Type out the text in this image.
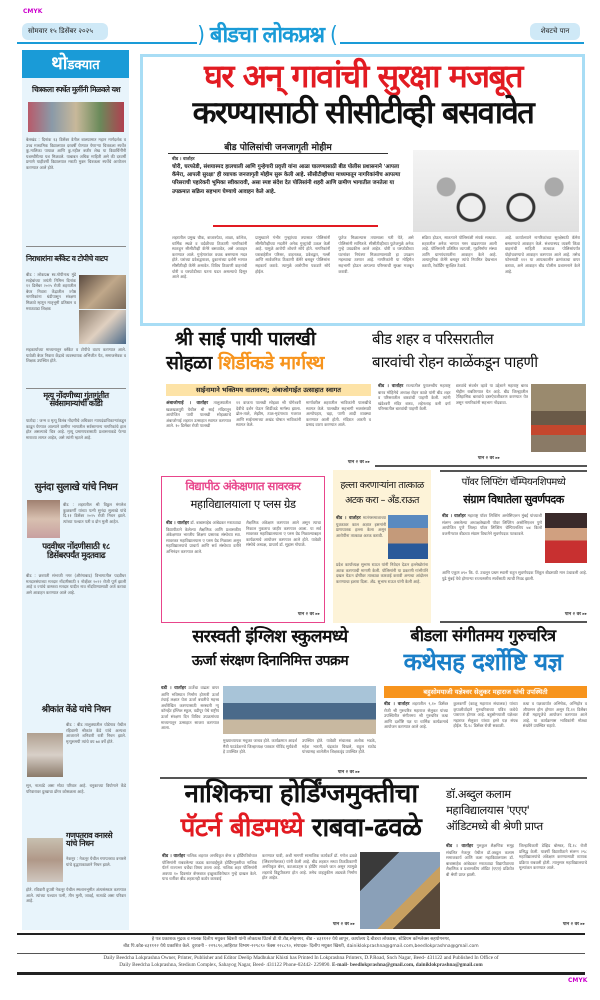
CMYK
सोमवार १५ डिसेंबर २०२५	) बीडचा लोकप्रश्न (	शेवटचे पान
थोडक्यात
चित्रकला स्पर्धेत मुलींनी मिळवले यश
बेलखंड : दिनांक १३ डिसेंबर वेतील बालग्रामात महान मार्गदर्शक व उच्च माध्यमिक विद्यालयात दरवर्षी घेण्यात येणाऱ्या चित्रकला स्पर्धेत कु.मालिका पायाळ आणि कु.नहील बजीर शेख या विद्यार्थिनींनी यशस्वीरीत्या यश मिळवले. याबाबत अधिक माहिती असे की दरवर्षी प्रमाणे याहीवर्षी विद्यालयात मराठी मुक्त चित्रकला स्पर्धेचे आयोजन करण्यात आले होते.
निराधारांना ब्लँकेट व टोपीचे वाटप
बीड : लोकप्रश्न स्व.गोपीनाथ मुंडे साहेबांच्या जयंती निमित्त दिनांक १२ डिसेंबर २०२५ रोजी शहरातील बेघर निवारा केंद्रातील ज्येष्ठ नागरिकांना थंडीपासून संरक्षण मिळावे म्हणून मातृभूमी प्रतिष्ठान व मराठवाडा शिक्षक
सहकार्याच्या माध्यमातून ब्लँकेट व टोपीचे वाटप करण्यात आले. यावेळी बेघर निवारा केंद्राचे व्यवस्थापक अभिजीत पेठ, समाजसेवक व शिक्षक उपस्थित होते.
मृत्यू नोंदणीच्या गुंतागुंतीत सर्वसामान्यांची कोंडी
पाटोदा : जन्म व मृत्यू विलंब नोंदणीचे अधिकार न्यायदंडाधिकाऱ्यांकडून काढून घेण्यात आल्याने ग्रामीण भागातील सर्वसामान्य नागरिकांचे हाल होत असल्याचे चित्र आहे. मृत्यू प्रमाणपत्रासाठी प्रशासनाकडे फेऱ्या माराव्या लागत आहेत, असे त्यांनी म्हटले आहे.
सुनंदा सुलाखे यांचे निधन
बीड : शहरातील श्री विठ्ठल मंगलेश कुळकर्णी यांच्या पत्नी सुनंदा सुलाखे यांचे दि.११ डिसेंबर २०२५ रोजी निधन झाले. त्यांच्या पश्चात पती व दोन मुली आहेत.
पदवीधर नोंदणीसाठी १८ डिसेंबरपर्यंत मुदतवाढ
बीड : छत्रपती संभाजी नगर (औरंगाबाद) विभागातील पदवीधर मतदारसंघाच्या मतदार नोंदणीसाठी १ नोव्हेंबर २०२२ रोजी पूर्ण झाली आहे व ज्यांचे वास्तव्य मतदार यादीत नाव नोंदविण्यासाठी अर्ज करावा असे आवाहन करण्यात आले आहे.
श्रीकांत केंडे यांचे निधन
बीड : बीड तालुक्यातील घोडेगाव येथील रहिवासी श्रीकांत केंडे यांचे अल्पशा आजाराने शनिवारी रात्री निधन झाले. मृत्युसमयी त्यांचे वय ७४ वर्षे होते.
सून, नातवंडे असा मोठा परिवार आहे. धनुकाच्या वियोगाने केंडे परिवारावर दुःखाचा डोंगर कोसळला आहे.
गणपतराव वनारसे
यांचे निधन
नेकनूर : नेकनूर येथील गणपतराव वनारसे यांचे वृद्धापकाळाने निधन झाले.
होते. रविवारी दुपारी नेकनूर येथील स्मशानभूमीत अंत्यसंस्कार करण्यात आले. त्यांच्या पश्चात पत्नी, तीन मुली, जावई, नातवंडे असा परिवार आहे.
घर अन् गावांची सुरक्षा मजबूत
करण्यासाठी सीसीटीव्ही बसवावेत
बीड पोलिसांची जनजागृती मोहीम
बीड । वार्ताहर
चोरी, घरफोडी, संशयास्पद हालचाली आणि गुन्हेगारी प्रवृत्ती यांना आळा घालण्यासाठी बीड पोलीस प्रशासनाने 'आपला कॅमेरा, आपली सुरक्षा' ही व्यापक जनजागृती मोहीम सुरू केली आहे. सीसीटीव्हीच्या माध्यमातून नागरिकांनीच आपल्या परिसराची पहारेकरी भूमिका स्वीकारावी, असा स्पष्ट संदेश देत पोलिसांनी शहरी आणि ग्रामीण भागातील जनतेला या उपक्रमात सक्रिय सहभाग घेण्याचे आवाहन केले आहे.
शहरातील प्रमुख चौक, बाजारपेठा, शाळा, कॉलेज, धार्मिक स्थळे व वर्दळीच्या ठिकाणी नागरिकांनी स्वतःहून सीसीटीव्ही कॅमेरे बसवावेत, असे आवाहन करण्यात आले. गुन्हेगारांवर वचक बसण्यास मदत होते. घरांच्या प्रवेशद्वारावर, दुकानांच्या दर्शनी भागात सीसीटीव्ही कॅमेरे असावेत. विविध ठिकाणी वाहनांची चोरी व घरफोडीच्या घटना घडत असल्याचे दिसून आले आहे.
प्रामुख्याने गंभीर गुन्ह्यांच्या तपासात पोलिसांनी सीसीटीव्हीच्या मदतीने अनेक गुन्ह्यांची उकल केली आहे. यामुळे आरोपी शोधणे सोपे होते. नागरिकांनी घराबाहेरील परिसर, वाहनतळ, प्रवेशद्वार, गल्ली आणि सार्वजनिक ठिकाणी कॅमेरे बसवून पोलिसांना सहकार्य करावे. त्यामुळे आरोपींना पकडणे सोपे होईल.
फुटेज मिळाल्यास तपासाला गती येते, असे पोलिसांनी सांगितले. सीसीटीव्हीच्या फुटेजमुळे अनेक गुन्हे उघडकीस आले आहेत. चोरी व घरफोडीच्या घटनांवर नियंत्रण मिळवण्यासाठी हा उपक्रम महत्त्वाचा ठरणार आहे. नागरिकांनी या मोहिमेत सहभागी होऊन आपल्या परिसराची सुरक्षा मजबूत करावी.
सक्रिय होऊन, सातत्याने पोलिसांशी संपर्क साधावा. शहरातील अनेक भागात गस्त वाढवण्यात आली आहे. पोलिसांनी प्रतिष्ठित व्यापारी, गृहनिर्माण संस्था आणि ग्रामपंचायतींना आवाहन केले आहे. अत्याधुनिक कॅमेरे बसवून त्यांचे नियमित देखभाल करावी, रेकॉर्डिंग सुरक्षित ठेवावे.
आहे. कार्यालयाने नागरिकांच्या सुरक्षेसाठी कॅमेरा बसवण्याचे आवाहन केले. संशयास्पद व्यक्ती किंवा वाहनांची माहिती तात्काळ पोलिसांपर्यंत पोहोचवण्याचे आवाहन करण्यात आले आहे. तसेच फोनसाठी ११२ या आपत्कालीन क्रमांकाचा वापर करावा, असे आवाहन बीड पोलीस प्रशासनाने केले आहे.
श्री साई पायी पालखी
सोहळा शिर्डीकडे मार्गस्थ
साईनामाने भक्तिमय वातावरण; अंबाजोगाईत उत्साहात स्वागत
अंबाजोगाई । वार्ताहर तालुक्यातील खळखळपुरी येथील श्री साई मंदिरातून आयोजित पायी पालखी सोहळ्याचे अंबाजोगाई शहरात उत्साहात स्वागत करण्यात आले. १० डिसेंबर रोजी पालखी
११ वाजता पालखी सोहळा श्री योगेश्वरी देवीचे दर्शन घेऊन शिर्डीकडे मार्गस्थ झाला. ढोल-ताशे, लेझीम, टाळ-मृदंगाच्या गजरात आणि साईनामाच्या अखंड घोषात भाविकांनी स्वागत केले.
मार्गावरील शहरातील भाविकांनी पालखीचे स्वागत केले. पालखीत सहभागी भक्तांसाठी अल्पोपहार, चहा, पाणी आदी व्यवस्था करण्यात आली होती. मंदिरात आरती व प्रसाद वाटप करण्यात आले.
पान २ वर ▸▸
बीड शहर व परिसरातील
बारवांची रोहन काळेंकडून पाहणी
बीड । वार्ताहर राज्यातील पुरातत्त्वीय महाराष्ट्र बारव मोहिमेचे अध्यक्ष रोहन काळे यांनी बीड शहर व परिसरातील बारवांची पाहणी केली. त्यांनी खंडेश्वरी मंदिर बारव, शहेनशाह वली दर्गा परिसरातील बारवांची पाहणी केली.
बारवांचे संवर्धन व्हावे या उद्देशाने महाराष्ट्र बारव मोहीम राबविण्यात येत आहे. बीड जिल्ह्यातील ऐतिहासिक बारवांचे दस्तऐवजीकरण करण्यात येत असून नागरिकांनी सहभाग नोंदवावा.
पान २ वर ▸▸
विद्यापीठ अंकेक्षणात सावरकर
महाविद्यालयाला ए प्लस ग्रेड
बीड । वार्ताहर डॉ. बाबासाहेब आंबेडकर मराठवाडा विद्यापीठाने केलेल्या शैक्षणिक आणि प्रशासकीय अंकेक्षणात भारतीय शिक्षण प्रसारक संस्थेच्या स्वा. सावरकर महाविद्यालयास ए प्लस ग्रेड मिळाला असून महाविद्यालयाचे प्राचार्य आणि सर्व संस्थेच्या वतीने अभिनंदन करण्यात आले.
शैक्षणिक अंकेक्षण करण्यात आले असून त्याचा निकाल नुकताच जाहीर करण्यात आला. या सर्व सावरकर महाविद्यालयाला ए प्लस ग्रेड मिळाल्याबद्दल कार्यक्रमाचे आयोजन करण्यात आले होते. यावेळी संस्थेचे अध्यक्ष, प्राचार्य डॉ. सुहास गोपाळे.
पान २ वर ▸▸
हल्ला करणाऱ्यांना तात्काळ
अटक करा – अँड.राऊत
बीड । वार्ताहर मातंगसमाजाच्या युवकावर काल अज्ञात इसमांनी प्राणघातक हल्ला केला असून आरोपींना तात्काळ अटक करावी.
प्रदेश कार्याध्यक्ष सुभाष राऊत यांनी निवेदन देऊन हल्लेखोरांना अटक करण्याची मागणी केली. पोलिसांनी या प्रकरणी गांभीर्याने दखल घेऊन दोषींवर तात्काळ कारवाई करावी अन्यथा आंदोलन करण्याचा इशारा दिला. अँड. सुभाष राऊत यांनी केली आहे.
पॉवर लिफ्टिंग चॅम्पियनशिपमध्ये
संग्राम विधातेला सुवर्णपदक
बीड । वार्ताहर महाराष्ट्र पॉवर लिफ्टिंग असोसिएशन मुंबई यांच्याशी संलग्न असलेल्या अध्यक्षतेखाली पॉवर लिफ्टिंग असोसिएशन पुणे आयोजित पुणे जिल्हा पॉवर लिफ्टिंग चॅम्पियनशिप ७४ किलो वजनीगटात बीडच्या संग्राम विधातेने सुवर्णपदक पटकावले.
आणि एकूण ४९० कि. ग्रॅ. उचलून प्रथम स्थानी राहून सुवर्णपदक जिंकून बीडसाठी मान उंचावली आहे. पुढे मुंबई येथे होणाऱ्या राज्यस्तरीय स्पर्धेसाठी त्याची निवड झाली.
पान २ वर ▸▸
सरस्वती इंग्लिश स्कुलमध्ये
ऊर्जा संरक्षण दिनानिमित्त उपक्रम
वडी । वार्ताहर ऊर्जेचा वाढता वापर आणि भविष्यात निर्माण होणारी ऊर्जा टंचाई लक्षात घेता ऊर्जा बचतीचे महत्त्व अधोरेखित करण्यासाठी सरस्वती न्यू कॉन्व्हेंट इंग्लिश स्कूल, वडीपूर येथे राष्ट्रीय ऊर्जा संरक्षण दिन विविध उपक्रमांच्या माध्यमातून उत्साहात साजरा करण्यात आला.
मुख्याध्यापक मधुकर जाधव होते. कार्यक्रमात आदर्श मैत्री फाउंडेशनचे जिल्हाध्यक्ष पत्रकार गोविंद सुर्यवंशी हे उपस्थित होते.
उपस्थित होते. यावेळी संचालक अशोक भडके, महेश भारती, चंद्रकांत चिखले, राहुल राठोड यांच्यासह शालेतील शिक्षकवृंद उपस्थित होते.
पान २ वर ▸▸
बीडला संगीतमय गुरुचरित्र
कथेसह दर्शोष्टि यज्ञ
बहुसोमयाजी यज्ञेश्वर सेलुकर महाराज यांची उपस्थिती
बीड । वार्ताहर शहरातील ९,१० डिसेंबर रोजी श्री गुरुचरित्र महाराज सेलुकर यांच्या उपस्थितीत संगीतमय श्री गुरुचरित्र कथा आणि दर्शोष्टि यज्ञ या धार्मिक कार्यक्रमाचे आयोजन करण्यात आले आहे.
कुलकर्णी (काळू महाराज संचालक) यांच्या कृपाशीर्वादाने गुरुचरित्राच्या पवित्र कथेचे पारायण होणार आहे. बहुसोमयाजी यज्ञेश्वर महाराज सेलुकर यांच्या हस्ते यज्ञ संपन्न होईल. दि.१८ डिसेंबर रोजी सकाळी.
कथा व यज्ञकार्यात अभिषेक, अग्निहोत्र व औपासन होम होणार असून दि.११ डिसेंबर रोजी महापूजेचे आयोजन करण्यात आले आहे. या कार्यक्रमास भाविकांनी मोठ्या संख्येने उपस्थित राहावे.
नाशिकचा होर्डिंग्जमुक्तीचा
पॅटर्न बीडमध्ये राबवा-ढवळे
बीड । वार्ताहर नाशिक शहरात अनधिकृत बॅनर व होर्डिंगविरोधात पोलिसांनी राबवलेल्या कडक कारवाईमुळे होर्डिंगमुक्तीचा नाशिक पॅटर्न राज्यभर चर्चेचा विषय ठरला आहे. नाशिक शहर पोलिसांनी अवघ्या १० दिवसांत बॅनरबाज इच्छुकांविरोधात गुन्हे दाखल केले. याच धर्तीवर बीड शहरातही कठोर कारवाई
करण्यात यावी, अशी मागणी सामाजिक कार्यकर्ते डॉ. गणेश ढवळे (लिंबागणेशकर) यांनी केली आहे. बीड शहरात सध्या ठिकठिकाणी अनधिकृत बॅनर, कटआउट्स व होर्डिंग लावले जात असून त्यामुळे शहराचे विद्रूपीकरण होत आहे. तसेच वाहतुकीस अडथळे निर्माण होत आहेत.
पान २ वर ▸▸
डॉ.अब्दुल कलाम
महाविद्यालयास 'एएए'
ऑडिटमध्ये बी श्रेणी प्राप्त
बीड । वार्ताहर गुरुकुल शैक्षणिक समूह संचलित नेकनूर येथील डॉ.अब्दुल कलाम समाजकार्य आणि कला महाविद्यालयास डॉ. बाबासाहेब आंबेडकर मराठवाडा विद्यापीठाच्या शैक्षणिक व प्रशासकीय ऑडिट (एएए) प्रक्रियेत बी श्रेणी प्राप्त झाली.
जिल्हाधिकारी डेव्हिड बोस्कर, दि.१८ रोजी प्रसिद्ध केली. यावर्षी विद्यापीठाने संलग्न २९८ महाविद्यालयांचे अंकेक्षण करण्यासाठी व्यापक प्रक्रिया राबवली होती. त्यानुसार महाविद्यालयाचे मूल्यांकन करण्यात आले.
पान २ वर ▸▸
हे पत्र प्रकाशक मुद्रक व मालक दिलीप मधुकर खिस्ती यांनी लोकप्रश्न प्रिंटर्स डी.पी.रोड,स्नेहनगर, बीड - ४३११२२ येथे छापून, कार्यालय दै.बीडचा लोकप्रश्न, स्टेडियम कॉम्प्लेक्स सहयोगनगर,
बीड पि.कोड-४३११२२ येथे प्रकाशित केले. दुरध्वनी - २२९८९०,जाहिरात विभाग-२२९८९० फॅक्स २२८८९०, संपादक- दिलीप मधुकर खिस्ती, dainiklokprashna@gmail.com,beedlokprashna@gmail.com
Daily Beedcha Lokprashna Owner, Printer, Publisher and Editor Deelip Madhukar Khisti has Printed In Lokprashna Printers, D.P.Road, Snch Nagar, Beed- 431122 and Published In Office of
Daily Beedcha Lokprashna, Stedium Complex, Sahayog Nagar, Beed- 431122 Phone-02442- 229890. E-mail- beedlokprashna@gmail.com, dainiklokprashna@gmail.com
CMYK
